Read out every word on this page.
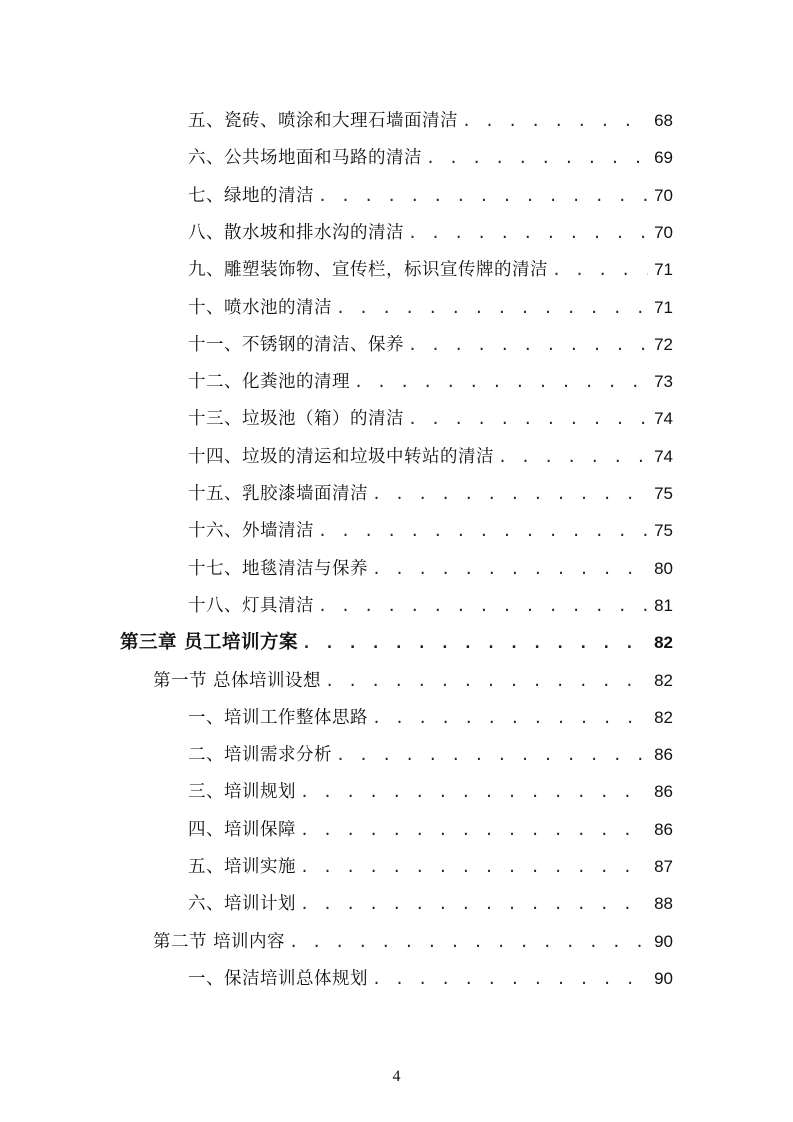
五、瓷砖、喷涂和大理石墙面清洁 . . .	68
六、公共场地面和马路的清洁 . . .	69
七、绿地的清洁 . . .	70
八、散水坡和排水沟的清洁 . . .	70
九、雕塑装饰物、宣传栏，标识宣传牌的清洁 . . .	71
十、喷水池的清洁 . . .	71
十一、不锈钢的清洁、保养 . . .	72
十二、化粪池的清理 . . .	73
十三、垃圾池（箱）的清洁 . . .	74
十四、垃圾的清运和垃圾中转站的清洁 . . .	74
十五、乳胶漆墙面清洁 . . .	75
十六、外墙清洁 . . .	75
十七、地毯清洁与保养 . . .	80
十八、灯具清洁 . . .	81
第三章 员工培训方案 . . .	82
第一节 总体培训设想 . . .	82
一、培训工作整体思路 . . .	82
二、培训需求分析 . . .	86
三、培训规划 . . .	86
四、培训保障 . . .	86
五、培训实施 . . .	87
六、培训计划 . . .	88
第二节 培训内容 . . .	90
一、保洁培训总体规划 . . .	90
4
